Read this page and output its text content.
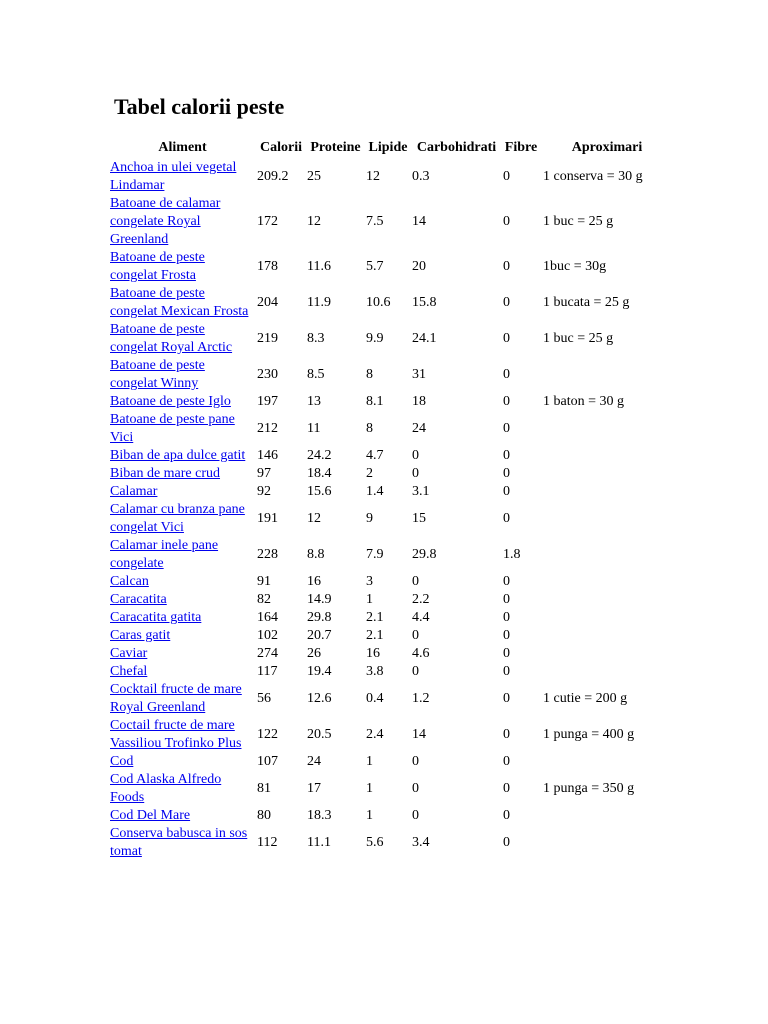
Tabel calorii peste
Aliment	Calorii	Proteine	Lipide	Carbohidrati	Fibre	Aproximari
Anchoa in ulei vegetal Lindamar	209.2	25	12	0.3	0	1 conserva = 30 g
Batoane de calamar congelate Royal Greenland	172	12	7.5	14	0	1 buc = 25 g
Batoane de peste congelat Frosta	178	11.6	5.7	20	0	1buc = 30g
Batoane de peste congelat Mexican Frosta	204	11.9	10.6	15.8	0	1 bucata = 25 g
Batoane de peste congelat Royal Arctic	219	8.3	9.9	24.1	0	1 buc = 25 g
Batoane de peste congelat Winny	230	8.5	8	31	0	
Batoane de peste Iglo	197	13	8.1	18	0	1 baton = 30 g
Batoane de peste pane Vici	212	11	8	24	0	
Biban de apa dulce gatit	146	24.2	4.7	0	0	
Biban de mare crud	97	18.4	2	0	0	
Calamar	92	15.6	1.4	3.1	0	
Calamar cu branza pane congelat Vici	191	12	9	15	0	
Calamar inele pane congelate	228	8.8	7.9	29.8	1.8	
Calcan	91	16	3	0	0	
Caracatita	82	14.9	1	2.2	0	
Caracatita gatita	164	29.8	2.1	4.4	0	
Caras gatit	102	20.7	2.1	0	0	
Caviar	274	26	16	4.6	0	
Chefal	117	19.4	3.8	0	0	
Cocktail fructe de mare Royal Greenland	56	12.6	0.4	1.2	0	1 cutie = 200 g
Coctail fructe de mare Vassiliou Trofinko Plus	122	20.5	2.4	14	0	1 punga = 400 g
Cod	107	24	1	0	0	
Cod Alaska Alfredo Foods	81	17	1	0	0	1 punga = 350 g
Cod Del Mare	80	18.3	1	0	0	
Conserva babusca in sos tomat	112	11.1	5.6	3.4	0	
